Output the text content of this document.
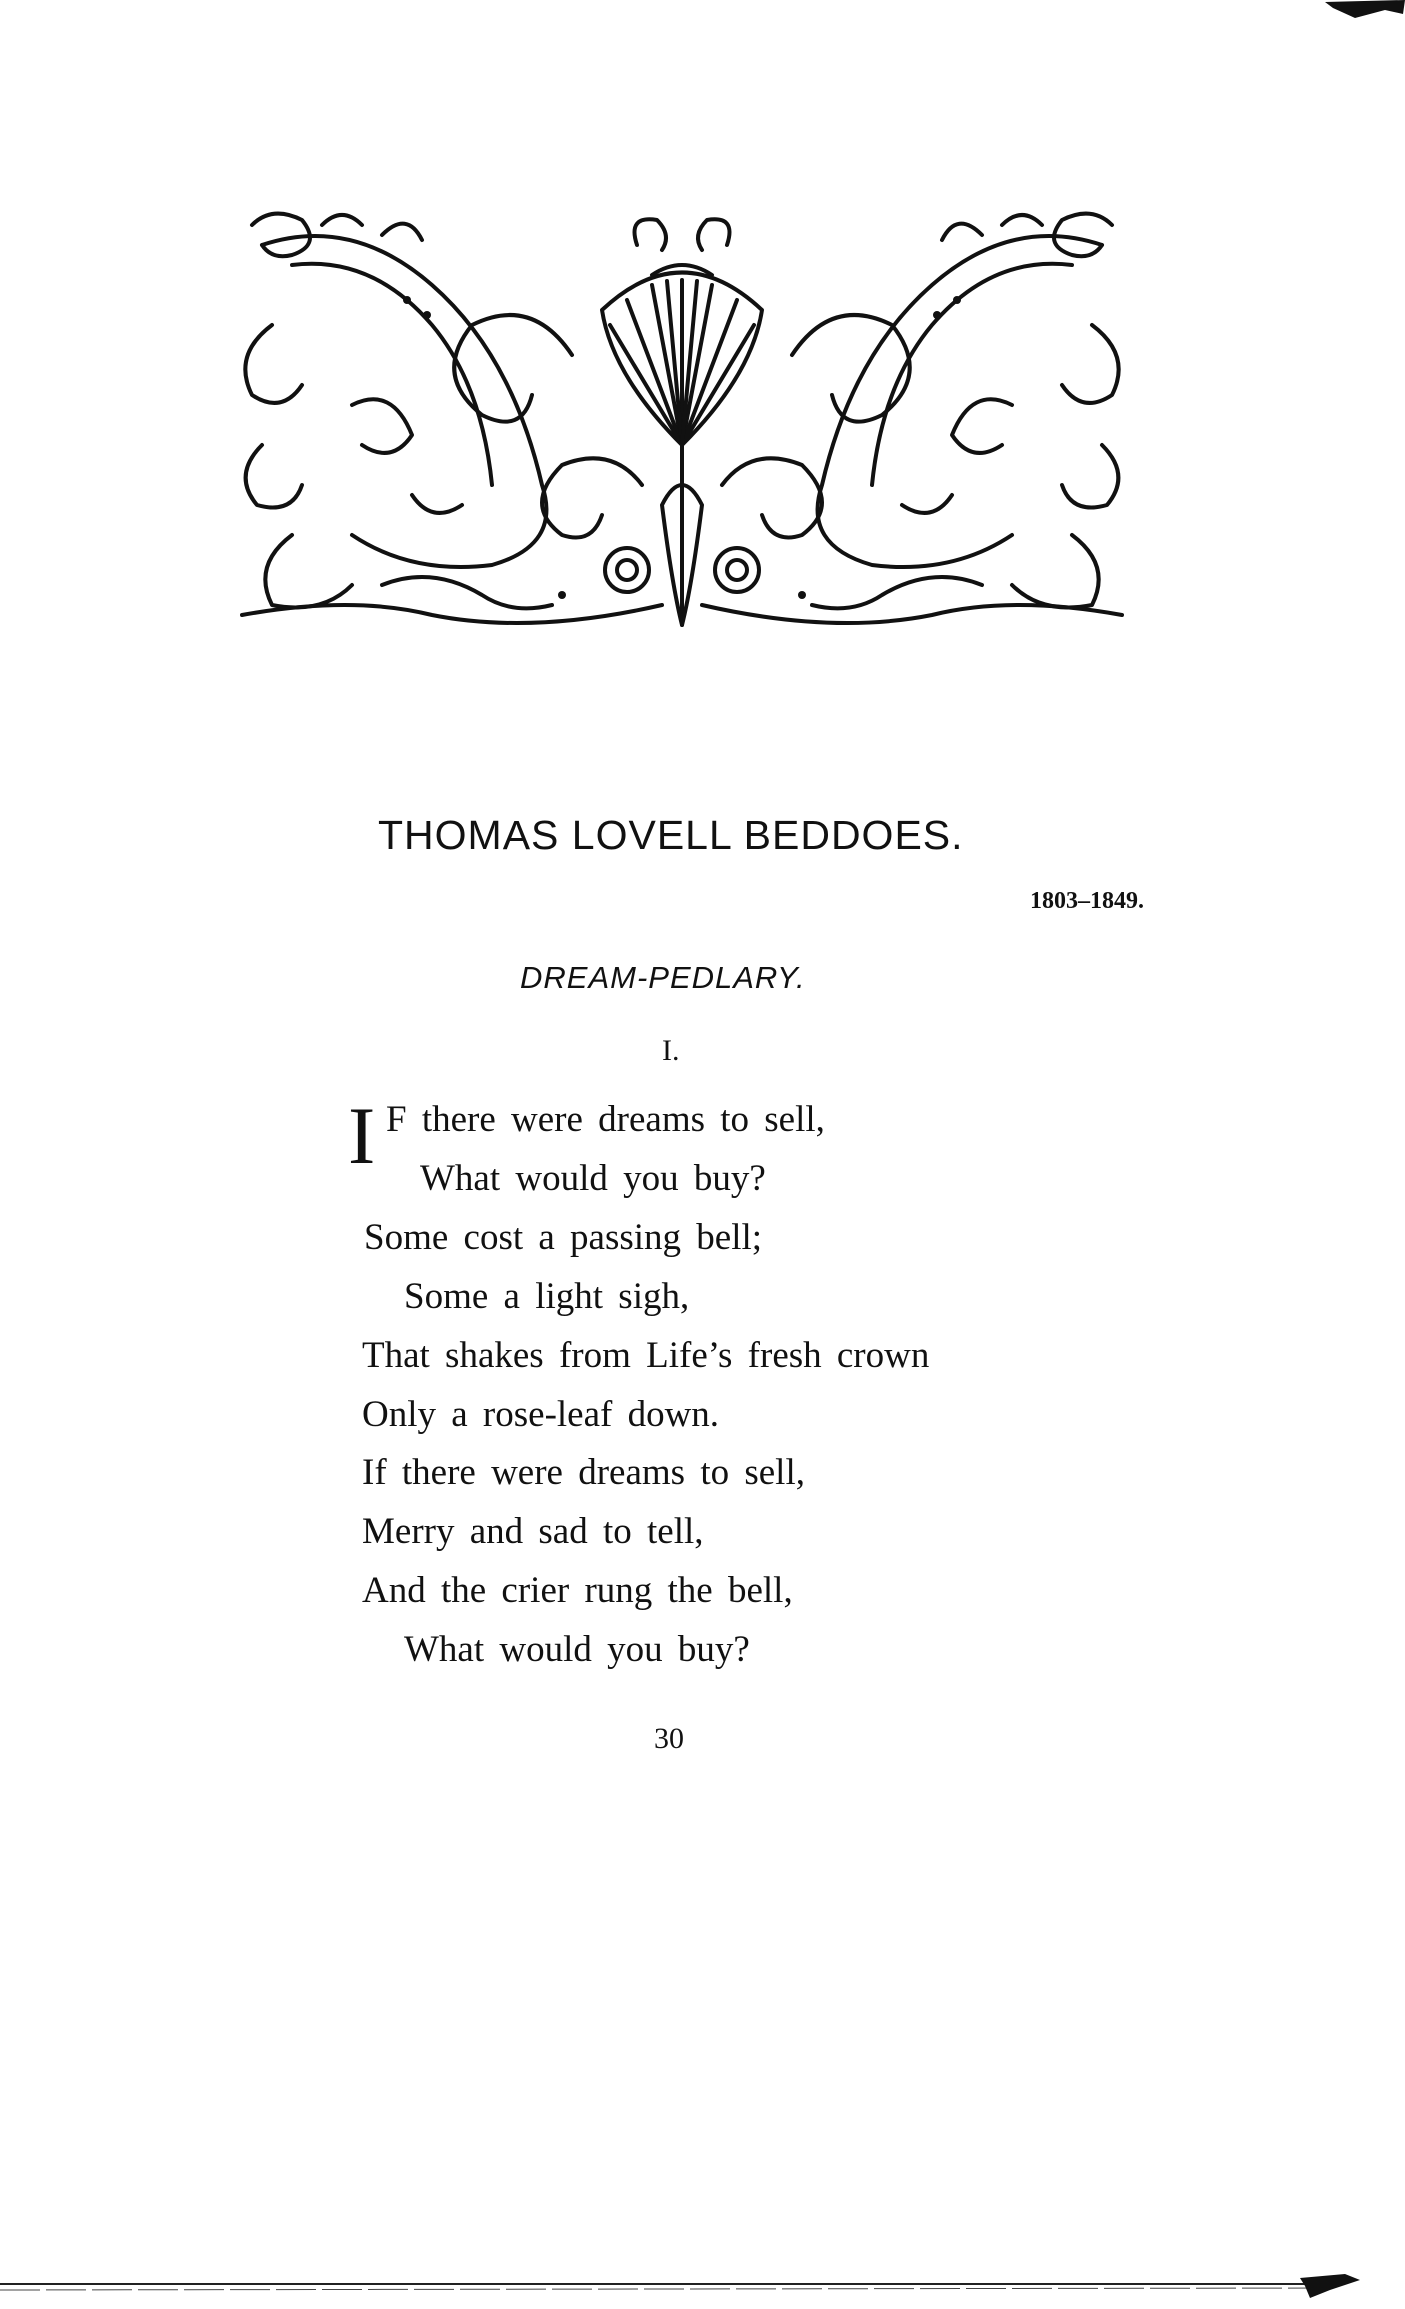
THOMAS LOVELL BEDDOES.
1803–1849.
DREAM-PEDLARY.
I.
I F there were dreams to sell,
What would you buy?
Some cost a passing bell;
Some a light sigh,
That shakes from Life’s fresh crown
Only a rose-leaf down.
If there were dreams to sell,
Merry and sad to tell,
And the crier rung the bell,
What would you buy?
30
